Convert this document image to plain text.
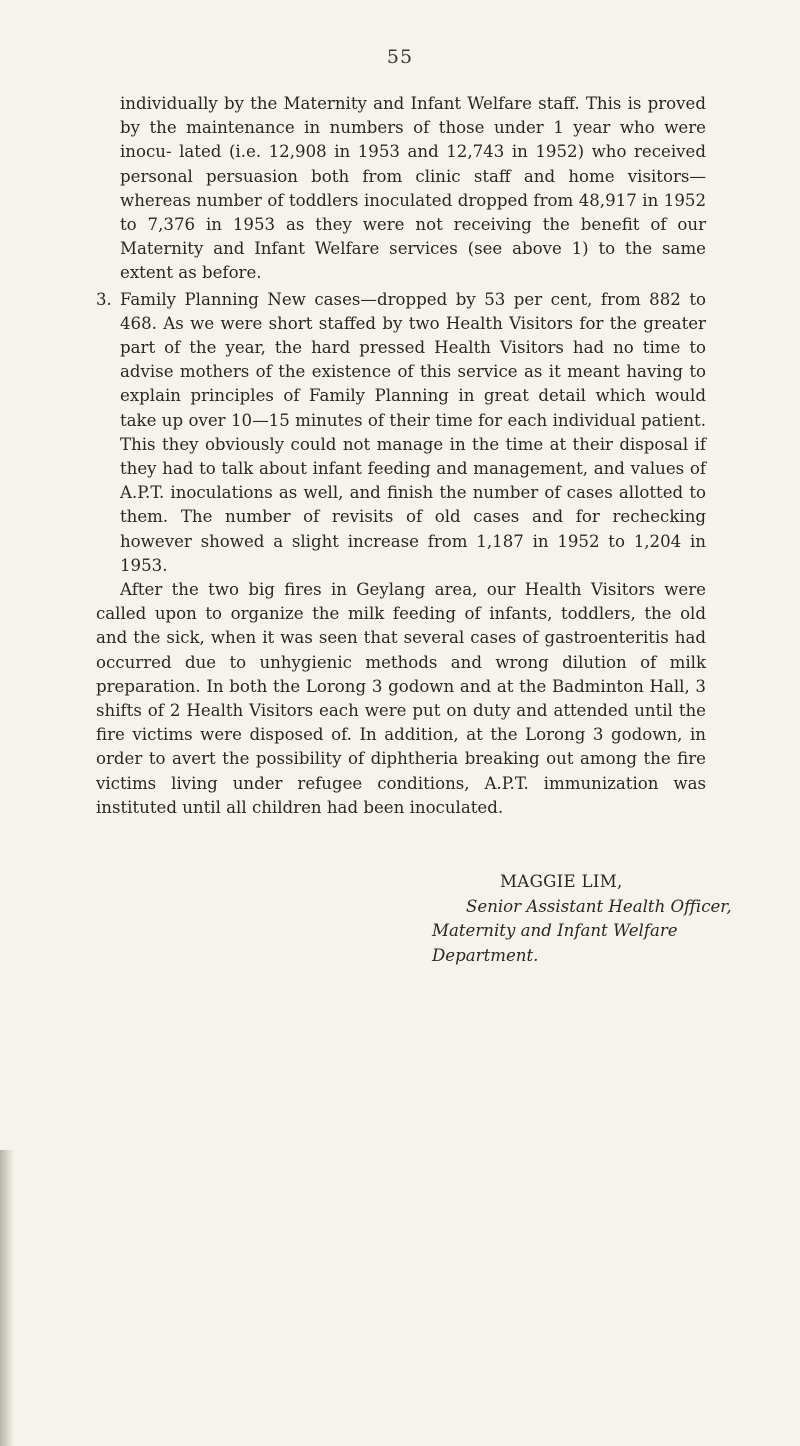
55

individually by the Maternity and Infant Welfare staff. This is proved by the maintenance in numbers of those under 1 year who were inocu- lated (i.e. 12,908 in 1953 and 12,743 in 1952) who received personal persuasion both from clinic staff and home visitors—whereas number of toddlers inoculated dropped from 48,917 in 1952 to 7,376 in 1953 as they were not receiving the benefit of our Maternity and Infant Welfare services (see above 1) to the same extent as before.

3. Family Planning New cases—dropped by 53 per cent, from 882 to 468. As we were short staffed by two Health Visitors for the greater part of the year, the hard pressed Health Visitors had no time to advise mothers of the existence of this service as it meant having to explain principles of Family Planning in great detail which would take up over 10—15 minutes of their time for each individual patient. This they obviously could not manage in the time at their disposal if they had to talk about infant feeding and management, and values of A.P.T. inoculations as well, and finish the number of cases allotted to them. The number of revisits of old cases and for rechecking however showed a slight increase from 1,187 in 1952 to 1,204 in 1953.

After the two big fires in Geylang area, our Health Visitors were called upon to organize the milk feeding of infants, toddlers, the old and the sick, when it was seen that several cases of gastroenteritis had occurred due to unhygienic methods and wrong dilution of milk preparation. In both the Lorong 3 godown and at the Badminton Hall, 3 shifts of 2 Health Visitors each were put on duty and attended until the fire victims were disposed of. In addition, at the Lorong 3 godown, in order to avert the possibility of diphtheria breaking out among the fire victims living under refugee conditions, A.P.T. immunization was instituted until all children had been inoculated.

MAGGIE LIM,
Senior Assistant Health Officer,
Maternity and Infant Welfare Department.
